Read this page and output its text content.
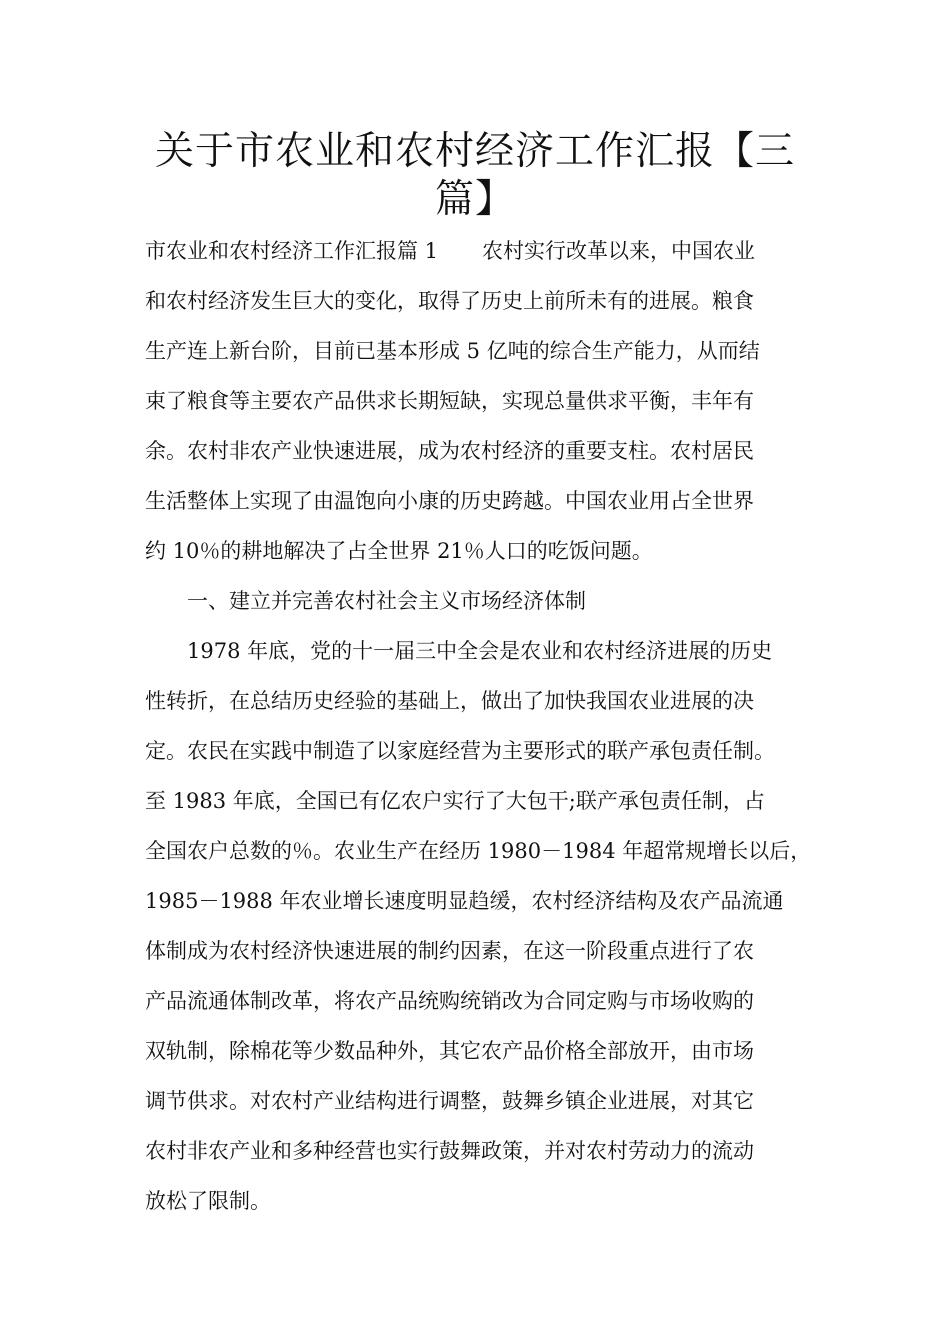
关于市农业和农村经济工作汇报【三
篇】
市农业和农村经济工作汇报篇 1 农村实行改革以来，中国农业
和农村经济发生巨大的变化，取得了历史上前所未有的进展。粮食
生产连上新台阶，目前已基本形成 5 亿吨的综合生产能力，从而结
束了粮食等主要农产品供求长期短缺，实现总量供求平衡，丰年有
余。农村非农产业快速进展，成为农村经济的重要支柱。农村居民
生活整体上实现了由温饱向小康的历史跨越。中国农业用占全世界
约 10％的耕地解决了占全世界 21％人口的吃饭问题。
一、建立并完善农村社会主义市场经济体制
1978 年底，党的十一届三中全会是农业和农村经济进展的历史
性转折，在总结历史经验的基础上，做出了加快我国农业进展的决
定。农民在实践中制造了以家庭经营为主要形式的联产承包责任制。
至 1983 年底，全国已有亿农户实行了大包干;联产承包责任制，占
全国农户总数的％。农业生产在经历 1980－1984 年超常规增长以后，
1985－1988 年农业增长速度明显趋缓，农村经济结构及农产品流通
体制成为农村经济快速进展的制约因素，在这一阶段重点进行了农
产品流通体制改革，将农产品统购统销改为合同定购与市场收购的
双轨制，除棉花等少数品种外，其它农产品价格全部放开，由市场
调节供求。对农村产业结构进行调整，鼓舞乡镇企业进展，对其它
农村非农产业和多种经营也实行鼓舞政策，并对农村劳动力的流动
放松了限制。
